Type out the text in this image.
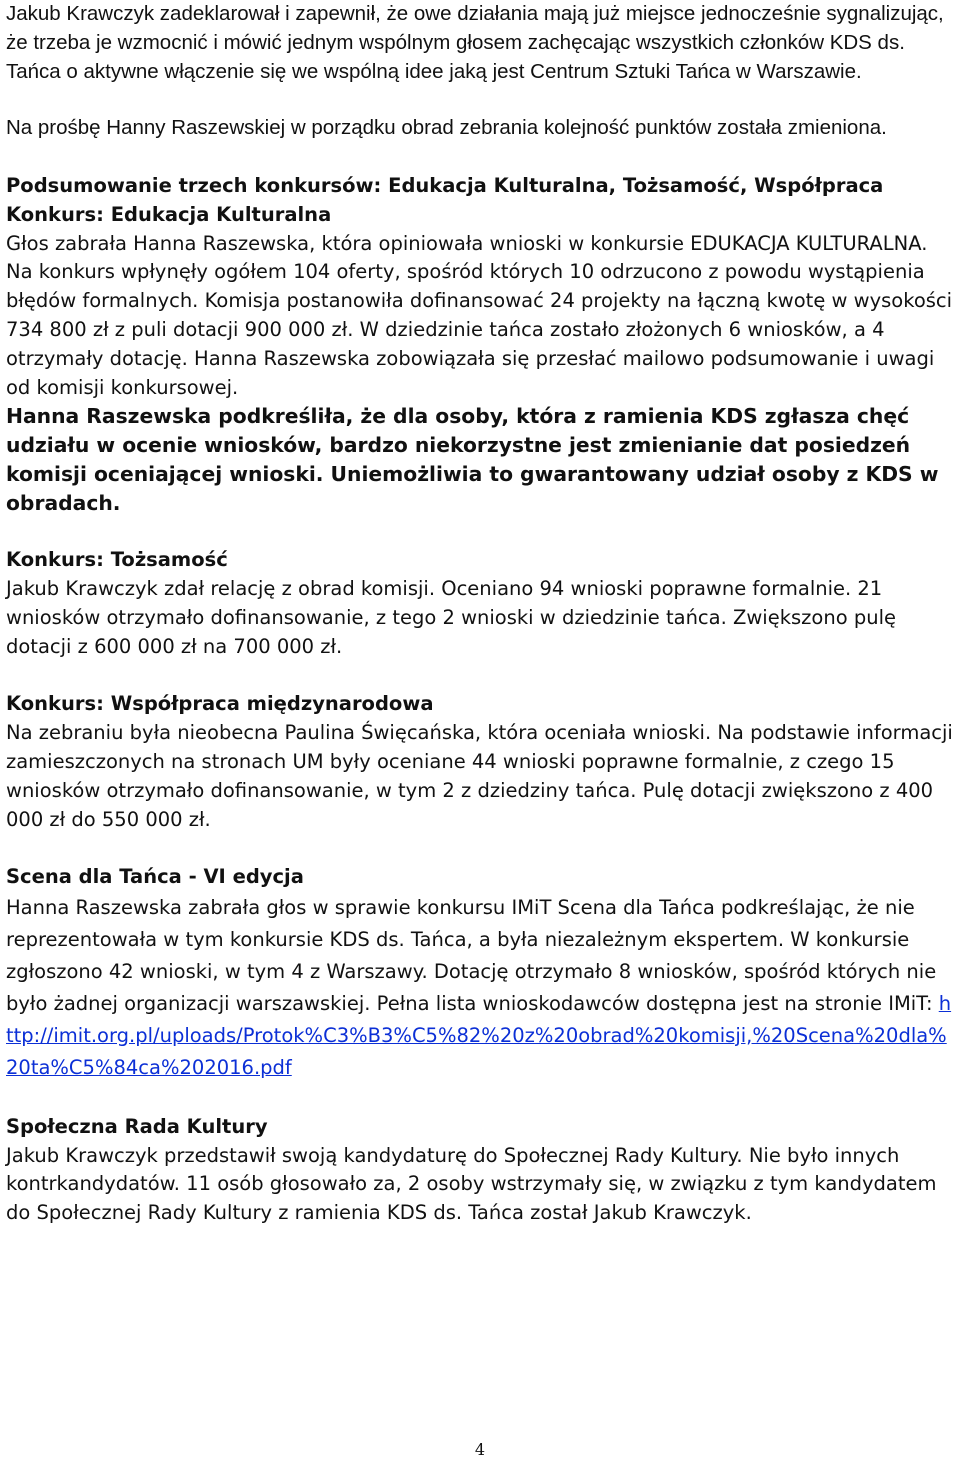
Jakub Krawczyk zadeklarował i zapewnił, że owe działania mają już miejsce jednocześnie sygnalizując, że trzeba je wzmocnić i mówić jednym wspólnym głosem zachęcając wszystkich członków KDS ds. Tańca o aktywne włączenie się we wspólną idee jaką jest Centrum Sztuki Tańca w Warszawie.

Na prośbę Hanny Raszewskiej w porządku obrad zebrania kolejność punktów została zmieniona.

Podsumowanie trzech konkursów: Edukacja Kulturalna, Tożsamość, Współpraca

Konkurs: Edukacja Kulturalna

Głos zabrała Hanna Raszewska, która opiniowała wnioski w konkursie EDUKACJA KULTURALNA. Na konkurs wpłynęły ogółem 104 oferty, spośród których 10 odrzucono z powodu wystąpienia błędów formalnych. Komisja postanowiła dofinansować 24 projekty na łączną kwotę w wysokości 734 800 zł z puli dotacji 900 000 zł. W dziedzinie tańca zostało złożonych 6 wniosków, a 4 otrzymały dotację. Hanna Raszewska zobowiązała się przesłać mailowo podsumowanie i uwagi od komisji konkursowej.

Hanna Raszewska podkreśliła, że dla osoby, która z ramienia KDS zgłasza chęć udziału w ocenie wniosków, bardzo niekorzystne jest zmienianie dat posiedzeń komisji oceniającej wnioski. Uniemożliwia to gwarantowany udział osoby z KDS w obradach.

Konkurs: Tożsamość

Jakub Krawczyk zdał relację z obrad komisji. Oceniano 94 wnioski poprawne formalnie. 21 wniosków otrzymało dofinansowanie, z tego 2 wnioski w dziedzinie tańca. Zwiększono pulę dotacji z 600 000 zł na 700 000 zł.

Konkurs: Współpraca międzynarodowa

Na zebraniu była nieobecna Paulina Święcańska, która oceniała wnioski. Na podstawie informacji zamieszczonych na stronach UM były oceniane 44 wnioski poprawne formalnie, z czego 15 wniosków otrzymało dofinansowanie, w tym 2 z dziedziny tańca. Pulę dotacji zwiększono z 400 000 zł do 550 000 zł.

Scena dla Tańca - VI edycja

Hanna Raszewska zabrała głos w sprawie konkursu IMiT Scena dla Tańca podkreślając, że nie reprezentowała w tym konkursie KDS ds. Tańca, a była niezależnym ekspertem. W konkursie zgłoszono 42 wnioski, w tym 4 z Warszawy. Dotację otrzymało 8 wniosków, spośród których nie było żadnej organizacji warszawskiej. Pełna lista wnioskodawców dostępna jest na stronie IMiT: http://imit.org.pl/uploads/Protok%C3%B3%C5%82%20z%20obrad%20komisji,%20Scena%20dla%20ta%C5%84ca%202016.pdf

Społeczna Rada Kultury

Jakub Krawczyk przedstawił swoją kandydaturę do Społecznej Rady Kultury. Nie było innych kontrkandydatów. 11 osób głosowało za, 2 osoby wstrzymały się, w związku z tym kandydatem do Społecznej Rady Kultury z ramienia KDS ds. Tańca został Jakub Krawczyk.

4
